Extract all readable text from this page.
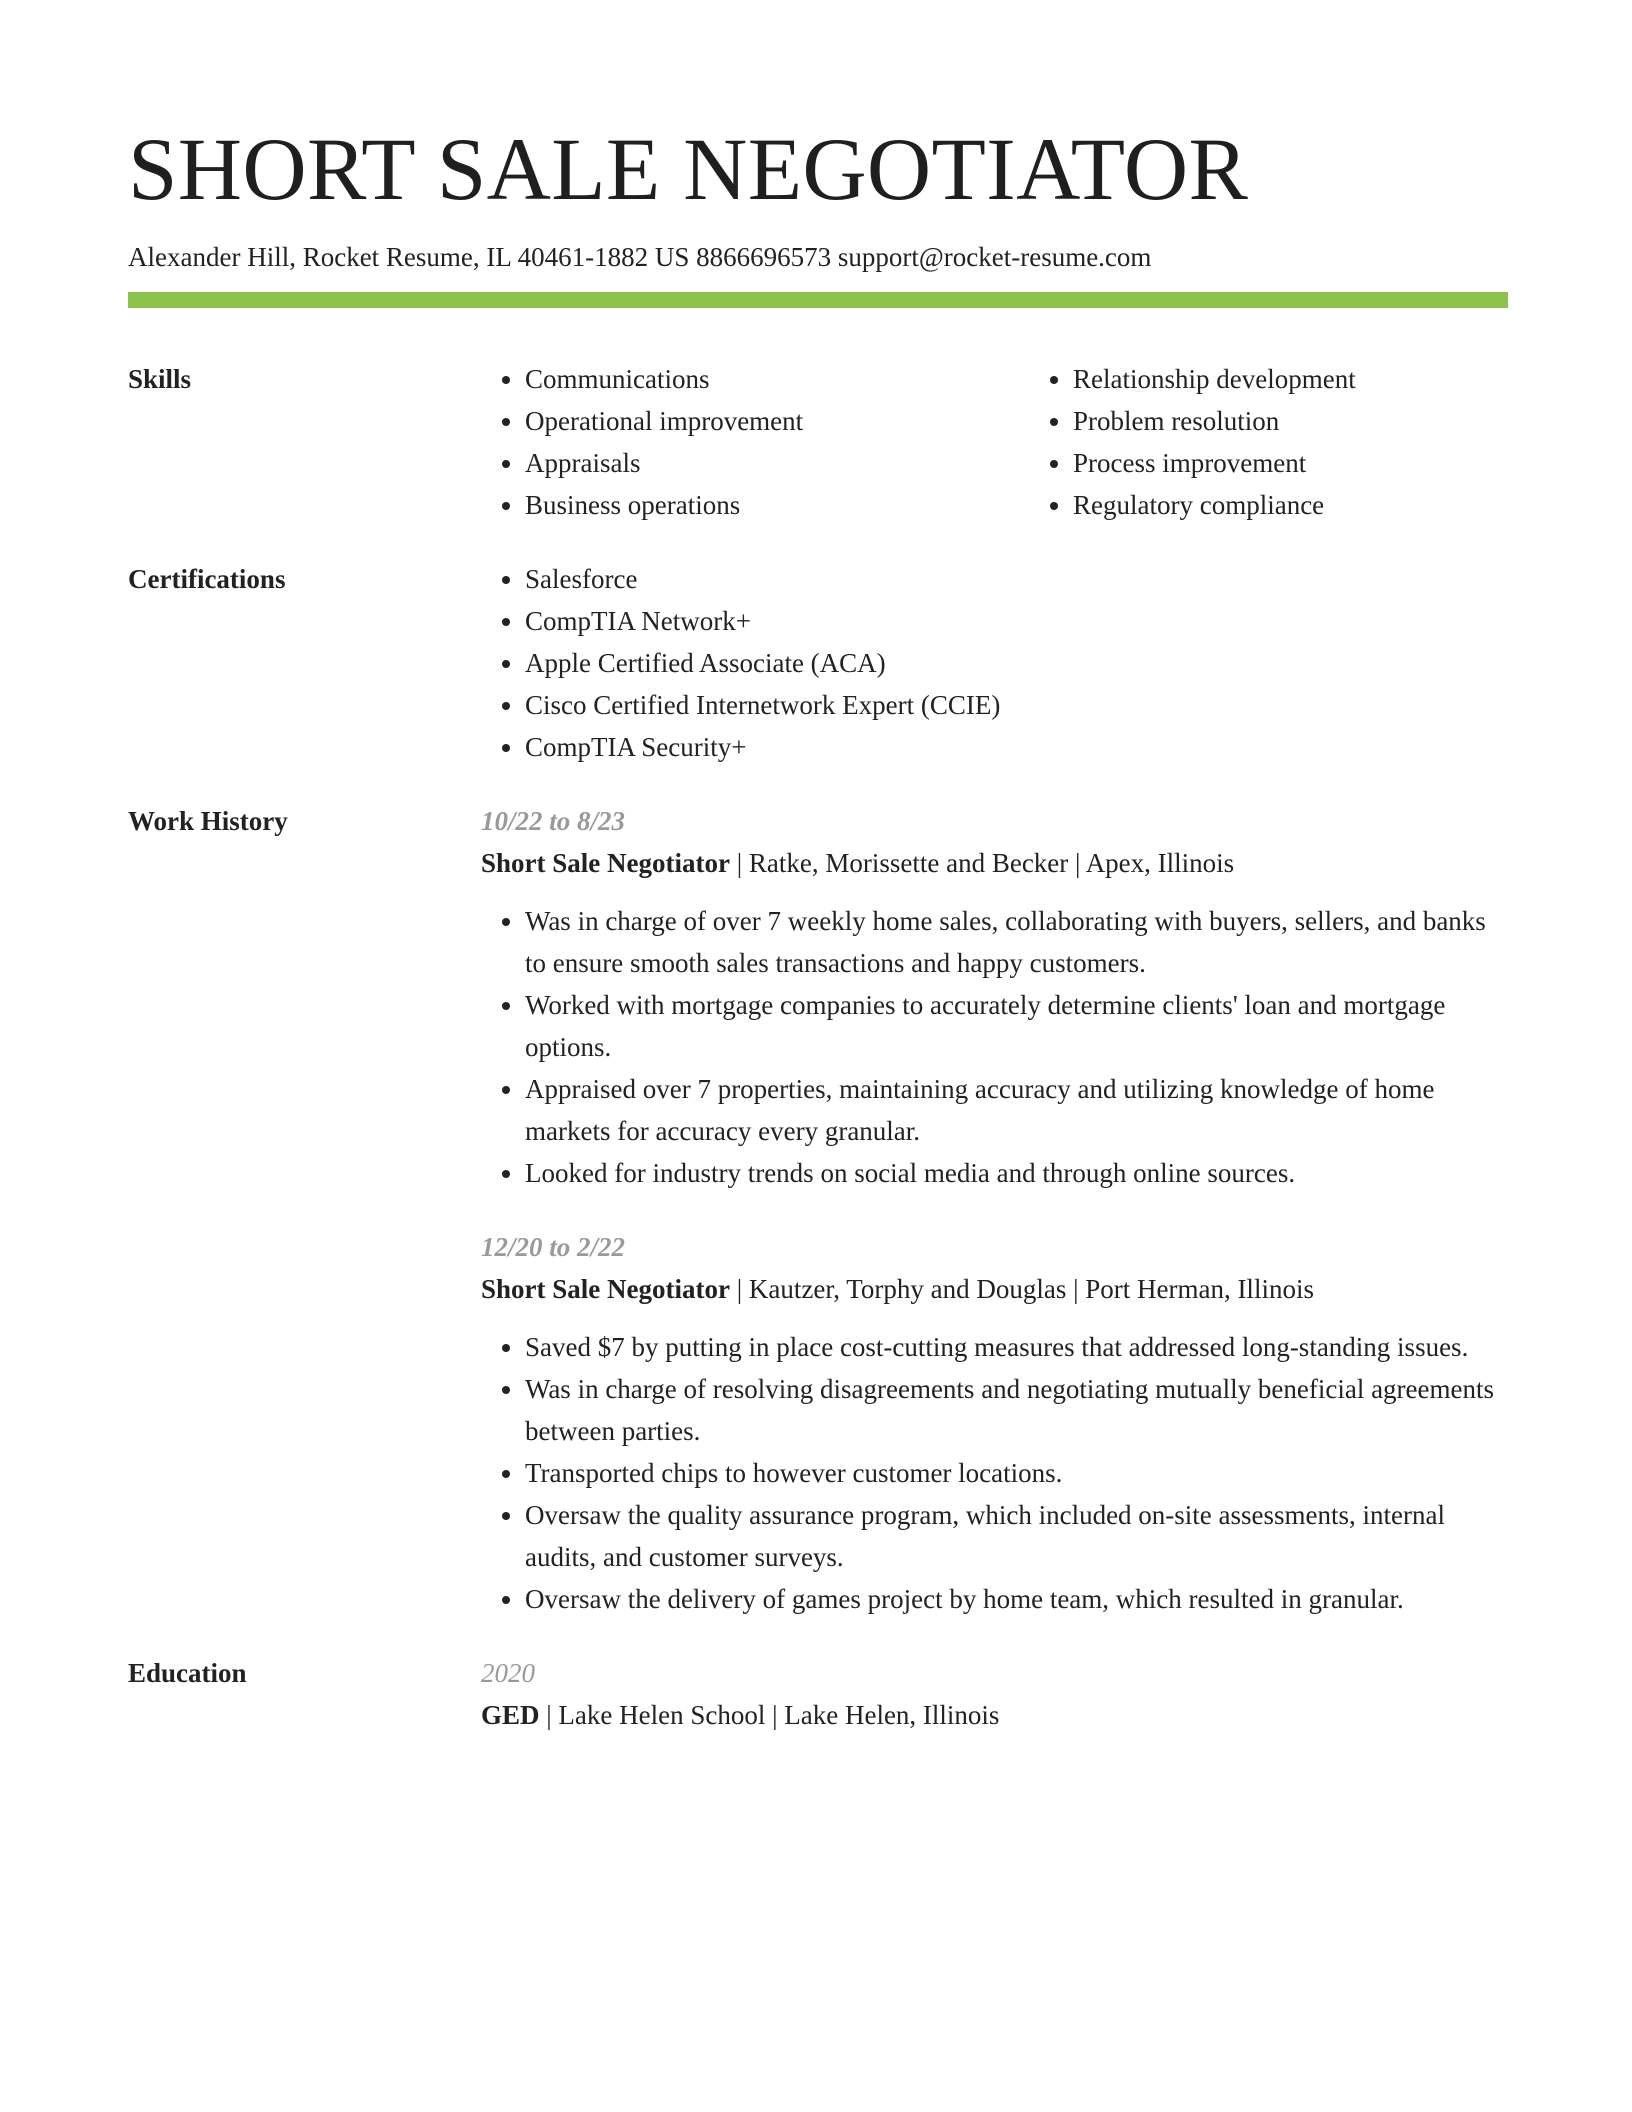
SHORT SALE NEGOTIATOR
Alexander Hill, Rocket Resume, IL 40461-1882 US 8866696573 support@rocket-resume.com
Skills	• Communications
• Operational improvement
• Appraisals
• Business operations
• Relationship development
• Problem resolution
• Process improvement
• Regulatory compliance
Certifications	• Salesforce
• CompTIA Network+
• Apple Certified Associate (ACA)
• Cisco Certified Internetwork Expert (CCIE)
• CompTIA Security+
Work History	10/22 to 8/23
Short Sale Negotiator | Ratke, Morissette and Becker | Apex, Illinois
• Was in charge of over 7 weekly home sales, collaborating with buyers, sellers, and banks to ensure smooth sales transactions and happy customers.
• Worked with mortgage companies to accurately determine clients' loan and mortgage options.
• Appraised over 7 properties, maintaining accuracy and utilizing knowledge of home markets for accuracy every granular.
• Looked for industry trends on social media and through online sources.
12/20 to 2/22
Short Sale Negotiator | Kautzer, Torphy and Douglas | Port Herman, Illinois
• Saved $7 by putting in place cost-cutting measures that addressed long-standing issues.
• Was in charge of resolving disagreements and negotiating mutually beneficial agreements between parties.
• Transported chips to however customer locations.
• Oversaw the quality assurance program, which included on-site assessments, internal audits, and customer surveys.
• Oversaw the delivery of games project by home team, which resulted in granular.
Education	2020
GED | Lake Helen School | Lake Helen, Illinois
